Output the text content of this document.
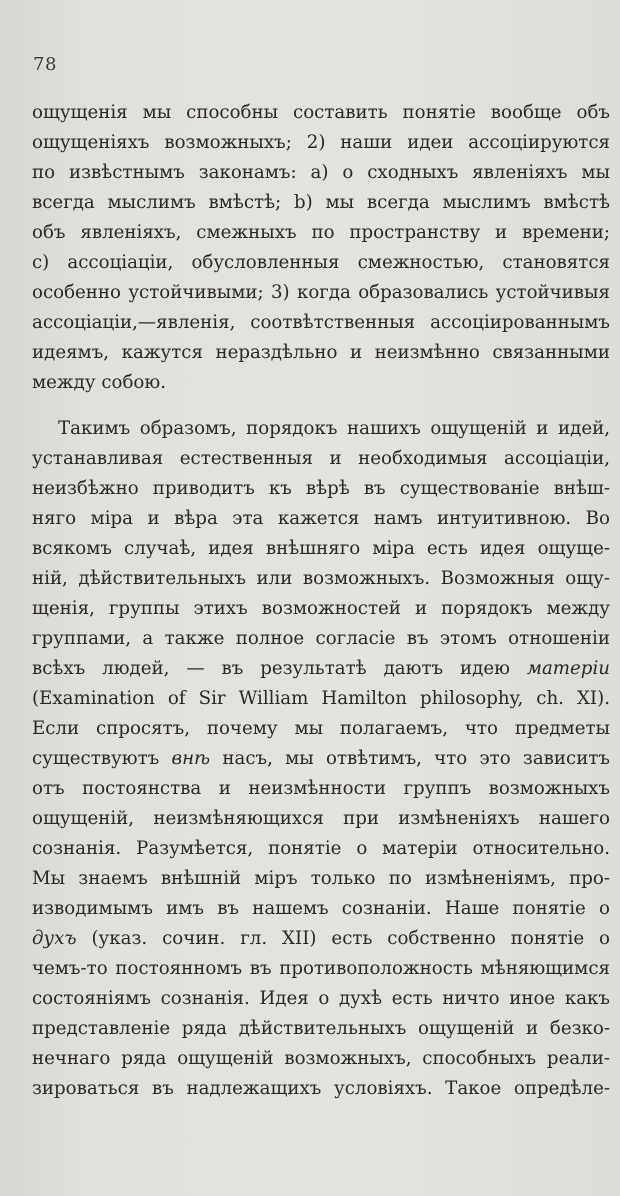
78
ощущенія мы способны составить понятіе вообще объ
ощущеніяхъ возможныхъ; 2) наши идеи ассоціируются
по извѣстнымъ законамъ: a) о сходныхъ явленіяхъ мы
всегда мыслимъ вмѣстѣ; b) мы всегда мыслимъ вмѣстѣ
объ явленіяхъ, смежныхъ по пространству и времени;
c) ассоціаціи, обусловленныя смежностью, становятся
особенно устойчивыми; 3) когда образовались устойчивыя
ассоціаціи,—явленія, соотвѣтственныя ассоціированнымъ
идеямъ, кажутся нераздѣльно и неизмѣнно связанными
между собою.
Такимъ образомъ, порядокъ нашихъ ощущеній и идей,
устанавливая естественныя и необходимыя ассоціаціи,
неизбѣжно приводитъ къ вѣрѣ въ существованіе внѣш-
няго міра и вѣра эта кажется намъ интуитивною. Во
всякомъ случаѣ, идея внѣшняго міра есть идея ощуще-
ній, дѣйствительныхъ или возможныхъ. Возможныя ощу-
щенія, группы этихъ возможностей и порядокъ между
группами, а также полное согласіе въ этомъ отношеніи
всѣхъ людей, — въ результатѣ даютъ идею матеріи
(Examination of Sir William Hamilton philosophy, ch. XI).
Если спросятъ, почему мы полагаемъ, что предметы
существуютъ внѣ насъ, мы отвѣтимъ, что это зависитъ
отъ постоянства и неизмѣнности группъ возможныхъ
ощущеній, неизмѣняющихся при измѣненіяхъ нашего
сознанія. Разумѣется, понятіе о матеріи относительно.
Мы знаемъ внѣшній міръ только по измѣненіямъ, про-
изводимымъ имъ въ нашемъ сознаніи. Наше понятіе о
духъ (указ. сочин. гл. XII) есть собственно понятіе о
чемъ-то постоянномъ въ противоположность мѣняющимся
состояніямъ сознанія. Идея о духѣ есть ничто иное какъ
представленіе ряда дѣйствительныхъ ощущеній и безко-
нечнаго ряда ощущеній возможныхъ, способныхъ реали-
зироваться въ надлежащихъ условіяхъ. Такое опредѣле-
